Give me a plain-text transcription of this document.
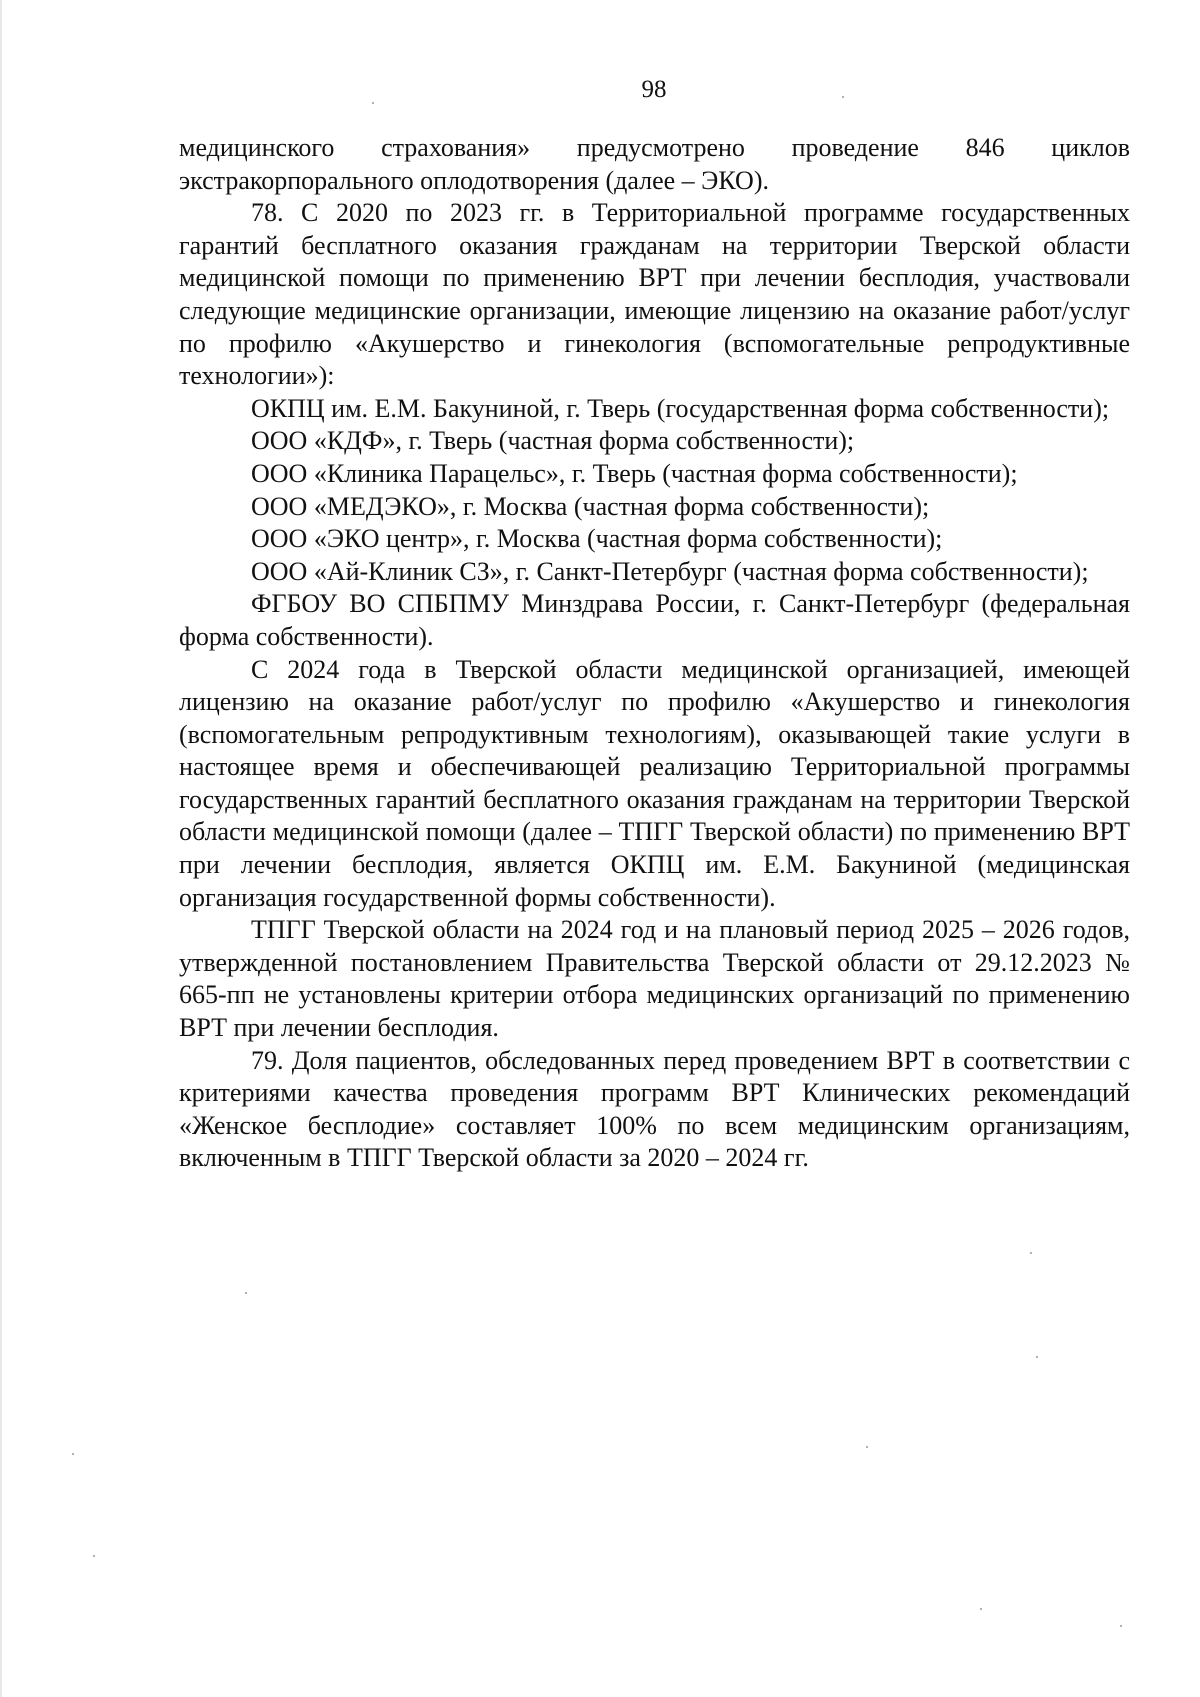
98

медицинского страхования» предусмотрено проведение 846 циклов экстракорпорального оплодотворения (далее – ЭКО).

78. С 2020 по 2023 гг. в Территориальной программе государственных гарантий бесплатного оказания гражданам на территории Тверской области медицинской помощи по применению ВРТ при лечении бесплодия, участвовали следующие медицинские организации, имеющие лицензию на оказание работ/услуг по профилю «Акушерство и гинекология (вспомогательные репродуктивные технологии»):

ОКПЦ им. Е.М. Бакуниной, г. Тверь (государственная форма собственности);

ООО «КДФ», г. Тверь (частная форма собственности);

ООО «Клиника Парацельс», г. Тверь (частная форма собственности);

ООО «МЕДЭКО», г. Москва (частная форма собственности);

ООО «ЭКО центр», г. Москва (частная форма собственности);

ООО «Ай-Клиник СЗ», г. Санкт-Петербург (частная форма собственности);

ФГБОУ ВО СПБПМУ Минздрава России, г. Санкт-Петербург (федеральная форма собственности).

С 2024 года в Тверской области медицинской организацией, имеющей лицензию на оказание работ/услуг по профилю «Акушерство и гинекология (вспомогательным репродуктивным технологиям), оказывающей такие услуги в настоящее время и обеспечивающей реализацию Территориальной программы государственных гарантий бесплатного оказания гражданам на территории Тверской области медицинской помощи (далее – ТПГГ Тверской области) по применению ВРТ при лечении бесплодия, является ОКПЦ им. Е.М. Бакуниной (медицинская организация государственной формы собственности).

ТПГГ Тверской области на 2024 год и на плановый период 2025 – 2026 годов, утвержденной постановлением Правительства Тверской области от 29.12.2023 № 665-пп не установлены критерии отбора медицинских организаций по применению ВРТ при лечении бесплодия.

79. Доля пациентов, обследованных перед проведением ВРТ в соответствии с критериями качества проведения программ ВРТ Клинических рекомендаций «Женское бесплодие» составляет 100% по всем медицинским организациям, включенным в ТПГГ Тверской области за 2020 – 2024 гг.
